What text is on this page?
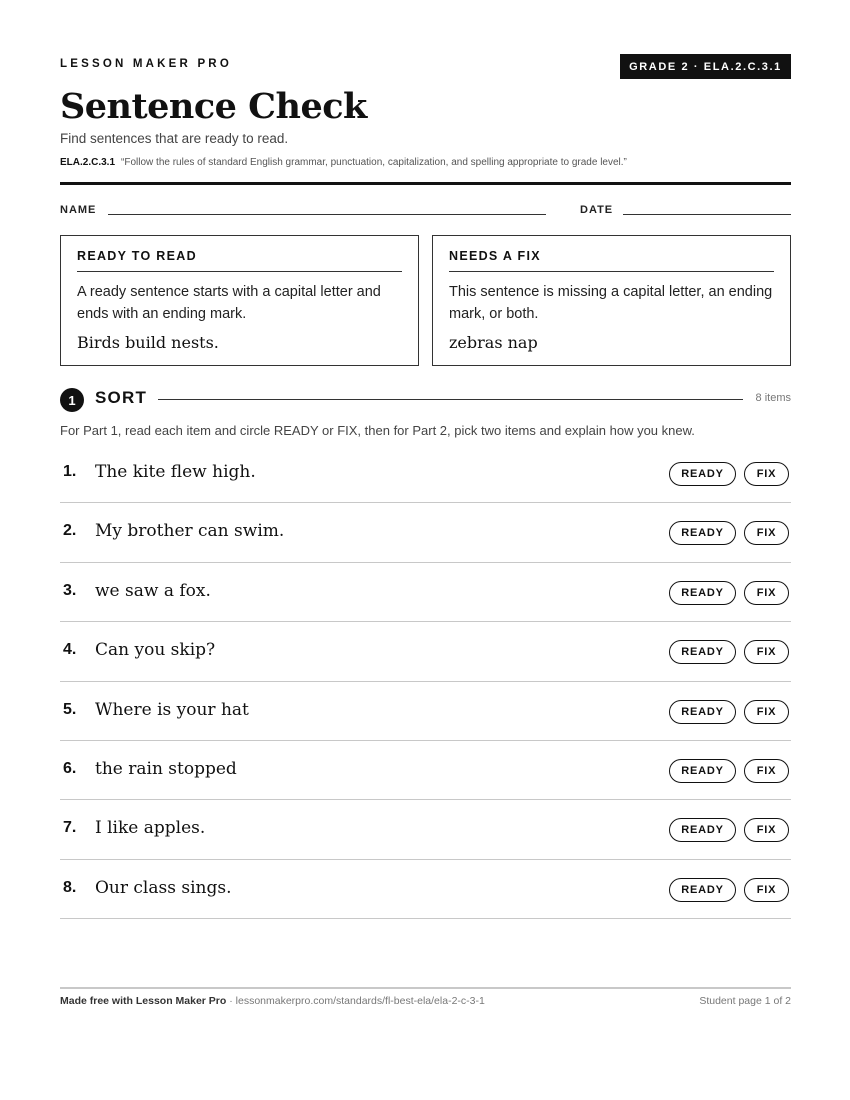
LESSON MAKER PRO	GRADE 2 · ELA.2.C.3.1
Sentence Check
Find sentences that are ready to read.
ELA.2.C.3.1 “Follow the rules of standard English grammar, punctuation, capitalization, and spelling appropriate to grade level.”
NAME	DATE
READY TO READ
A ready sentence starts with a capital letter and ends with an ending mark.
Birds build nests.
NEEDS A FIX
This sentence is missing a capital letter, an ending mark, or both.
zebras nap
1	SORT	8 items
For Part 1, read each item and circle READY or FIX, then for Part 2, pick two items and explain how you knew.
1. The kite flew high.	READY	FIX
2. My brother can swim.	READY	FIX
3. we saw a fox.	READY	FIX
4. Can you skip?	READY	FIX
5. Where is your hat	READY	FIX
6. the rain stopped	READY	FIX
7. I like apples.	READY	FIX
8. Our class sings.	READY	FIX
Made free with Lesson Maker Pro · lessonmakerpro.com/standards/fl-best-ela/ela-2-c-3-1	Student page 1 of 2
